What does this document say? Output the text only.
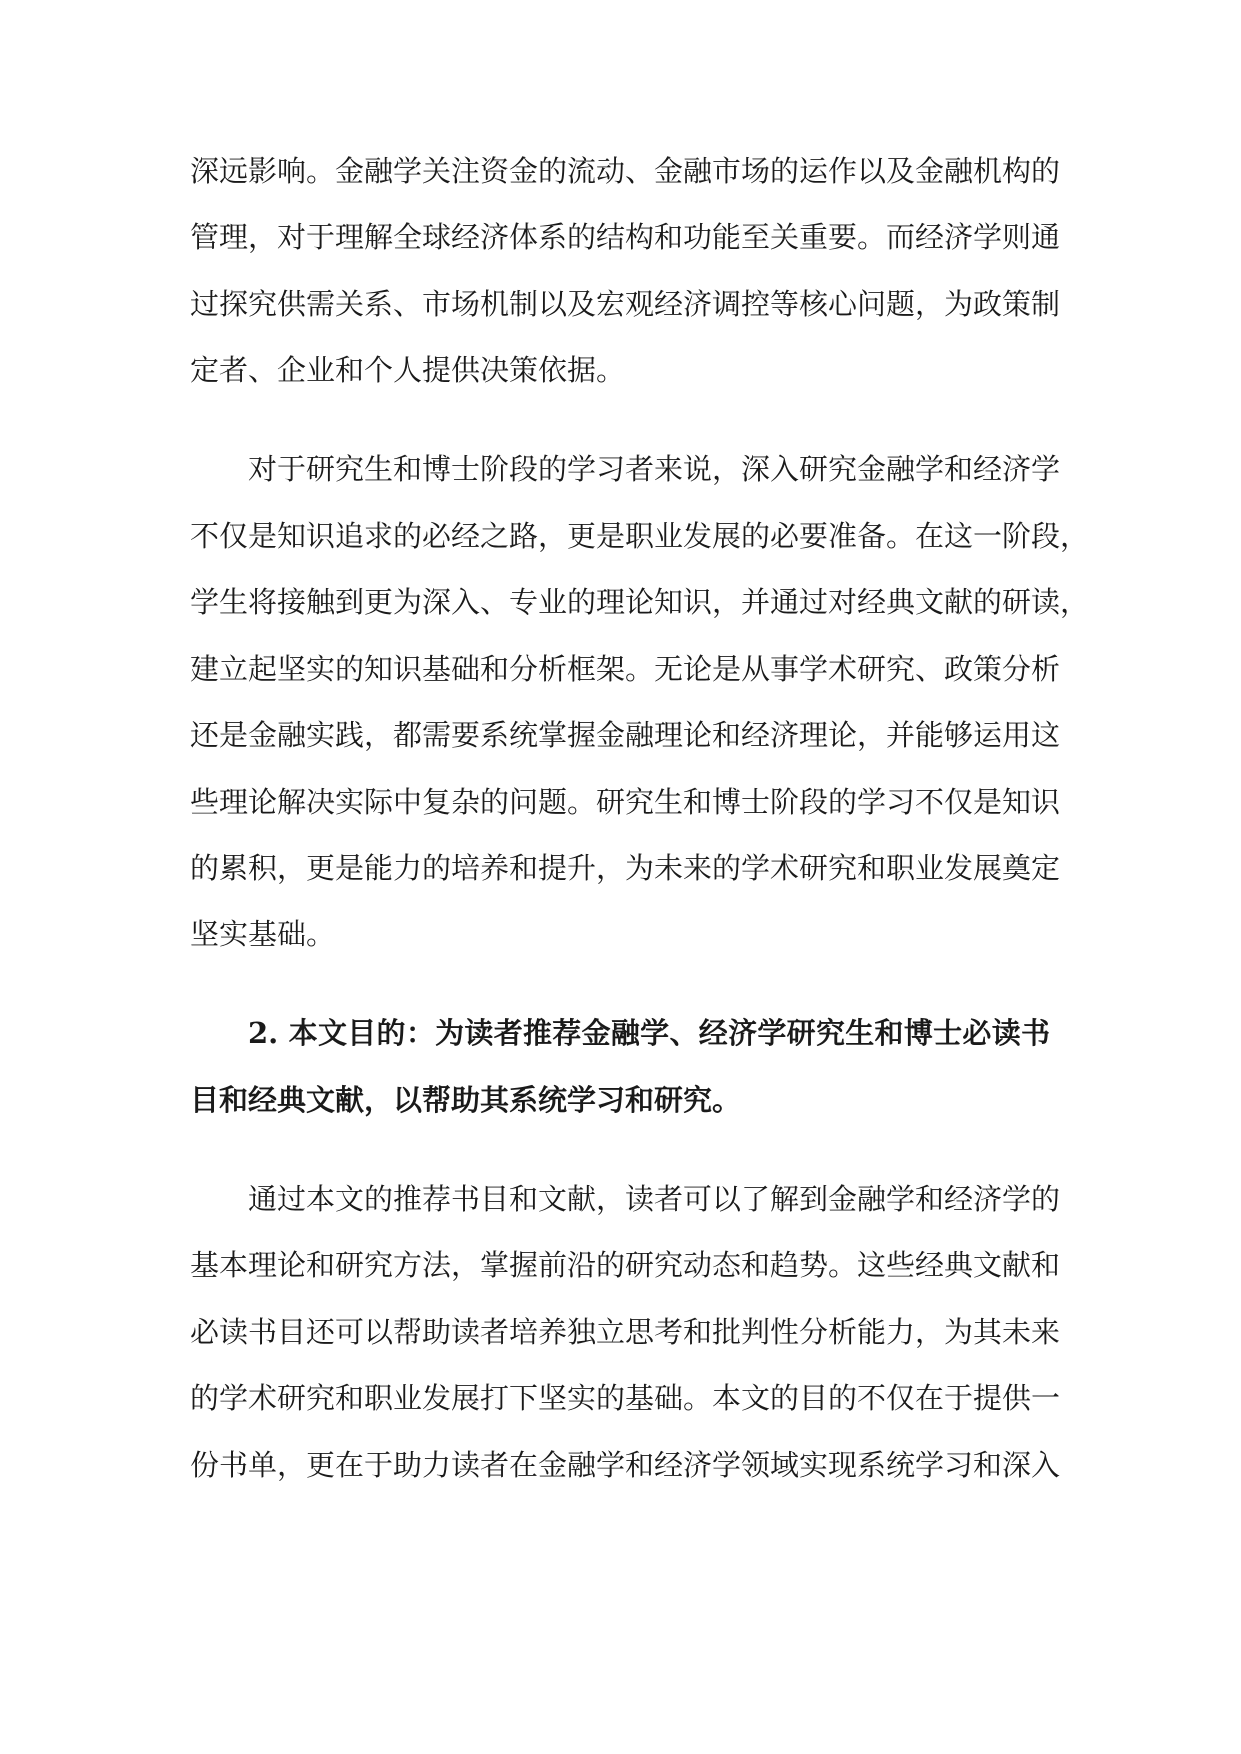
深远影响。金融学关注资金的流动、金融市场的运作以及金融机构的
管理，对于理解全球经济体系的结构和功能至关重要。而经济学则通
过探究供需关系、市场机制以及宏观经济调控等核心问题，为政策制
定者、企业和个人提供决策依据。
对于研究生和博士阶段的学习者来说，深入研究金融学和经济学
不仅是知识追求的必经之路，更是职业发展的必要准备。在这一阶段，
学生将接触到更为深入、专业的理论知识，并通过对经典文献的研读，
建立起坚实的知识基础和分析框架。无论是从事学术研究、政策分析
还是金融实践，都需要系统掌握金融理论和经济理论，并能够运用这
些理论解决实际中复杂的问题。研究生和博士阶段的学习不仅是知识
的累积，更是能力的培养和提升，为未来的学术研究和职业发展奠定
坚实基础。
2. 本文目的：为读者推荐金融学、经济学研究生和博士必读书
目和经典文献，以帮助其系统学习和研究。
通过本文的推荐书目和文献，读者可以了解到金融学和经济学的
基本理论和研究方法，掌握前沿的研究动态和趋势。这些经典文献和
必读书目还可以帮助读者培养独立思考和批判性分析能力，为其未来
的学术研究和职业发展打下坚实的基础。本文的目的不仅在于提供一
份书单，更在于助力读者在金融学和经济学领域实现系统学习和深入
